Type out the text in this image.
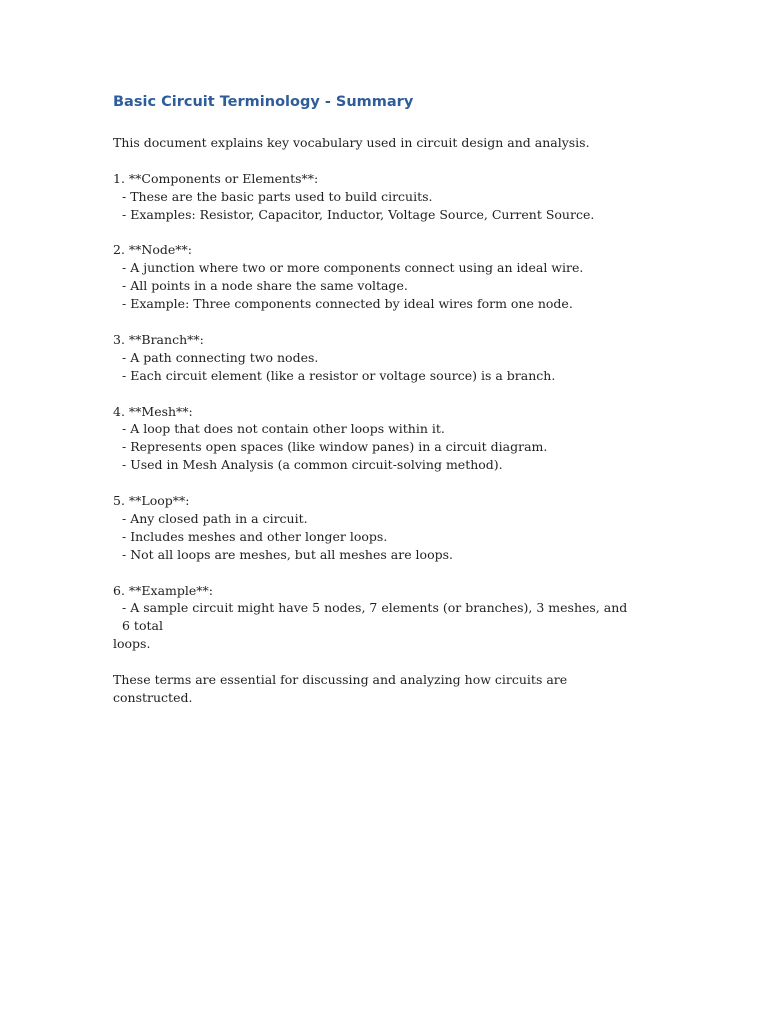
Basic Circuit Terminology - Summary

This document explains key vocabulary used in circuit design and analysis.

1. **Components or Elements**:

- These are the basic parts used to build circuits.

- Examples: Resistor, Capacitor, Inductor, Voltage Source, Current Source.

2. **Node**:

- A junction where two or more components connect using an ideal wire.

- All points in a node share the same voltage.

- Example: Three components connected by ideal wires form one node.

3. **Branch**:

- A path connecting two nodes.

- Each circuit element (like a resistor or voltage source) is a branch.

4. **Mesh**:

- A loop that does not contain other loops within it.

- Represents open spaces (like window panes) in a circuit diagram.

- Used in Mesh Analysis (a common circuit-solving method).

5. **Loop**:

- Any closed path in a circuit.

- Includes meshes and other longer loops.

- Not all loops are meshes, but all meshes are loops.

6. **Example**:

- A sample circuit might have 5 nodes, 7 elements (or branches), 3 meshes, and 6 total

loops.

These terms are essential for discussing and analyzing how circuits are constructed.
